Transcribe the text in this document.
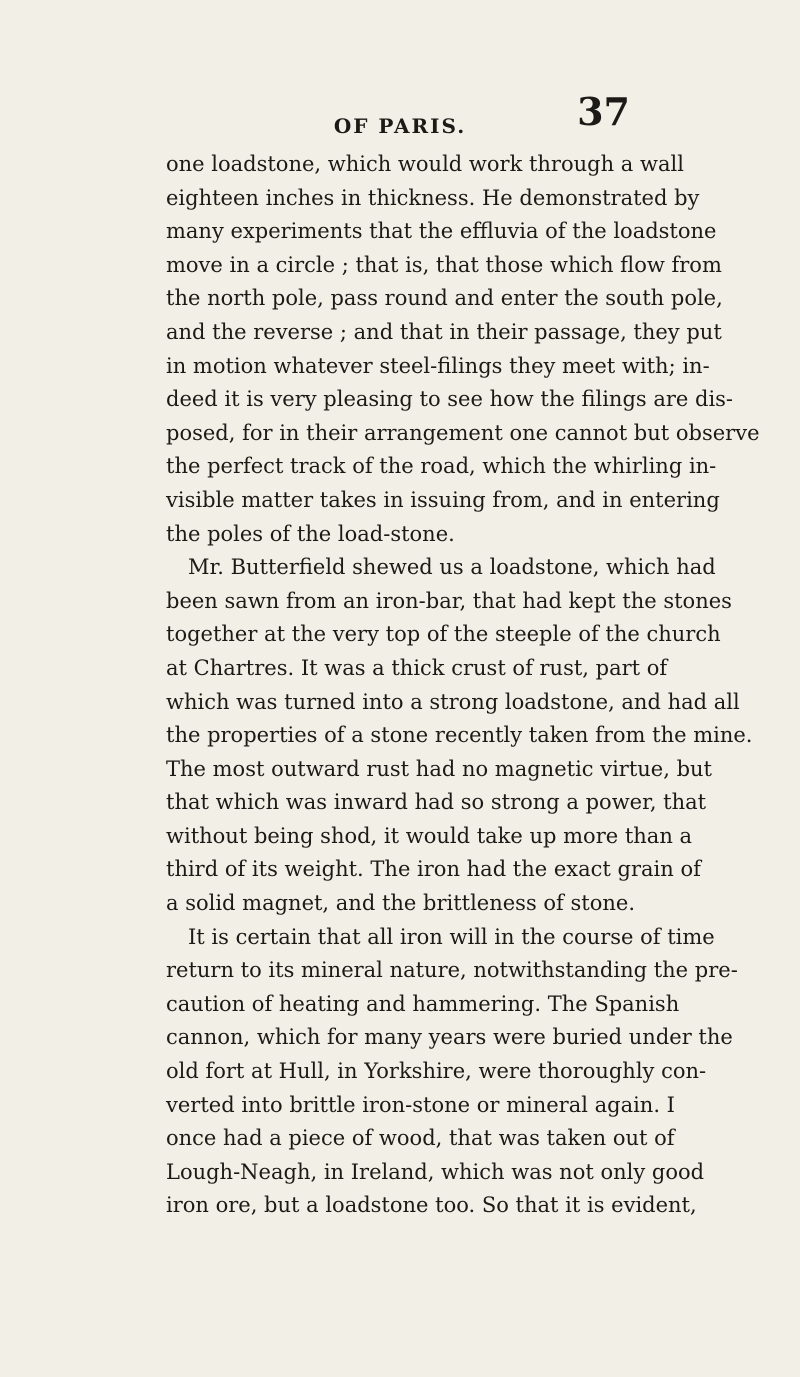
OF PARIS.	37
one loadstone, which would work through a wall
eighteen inches in thickness. He demonstrated by
many experiments that the effluvia of the loadstone
move in a circle ; that is, that those which flow from
the north pole, pass round and enter the south pole,
and the reverse ; and that in their passage, they put
in motion whatever steel-filings they meet with; in-
deed it is very pleasing to see how the filings are dis-
posed, for in their arrangement one cannot but observe
the perfect track of the road, which the whirling in-
visible matter takes in issuing from, and in entering
the poles of the load-stone.
Mr. Butterfield shewed us a loadstone, which had
been sawn from an iron-bar, that had kept the stones
together at the very top of the steeple of the church
at Chartres. It was a thick crust of rust, part of
which was turned into a strong loadstone, and had all
the properties of a stone recently taken from the mine.
The most outward rust had no magnetic virtue, but
that which was inward had so strong a power, that
without being shod, it would take up more than a
third of its weight. The iron had the exact grain of
a solid magnet, and the brittleness of stone.
It is certain that all iron will in the course of time
return to its mineral nature, notwithstanding the pre-
caution of heating and hammering. The Spanish
cannon, which for many years were buried under the
old fort at Hull, in Yorkshire, were thoroughly con-
verted into brittle iron-stone or mineral again. I
once had a piece of wood, that was taken out of
Lough-Neagh, in Ireland, which was not only good
iron ore, but a loadstone too. So that it is evident,
